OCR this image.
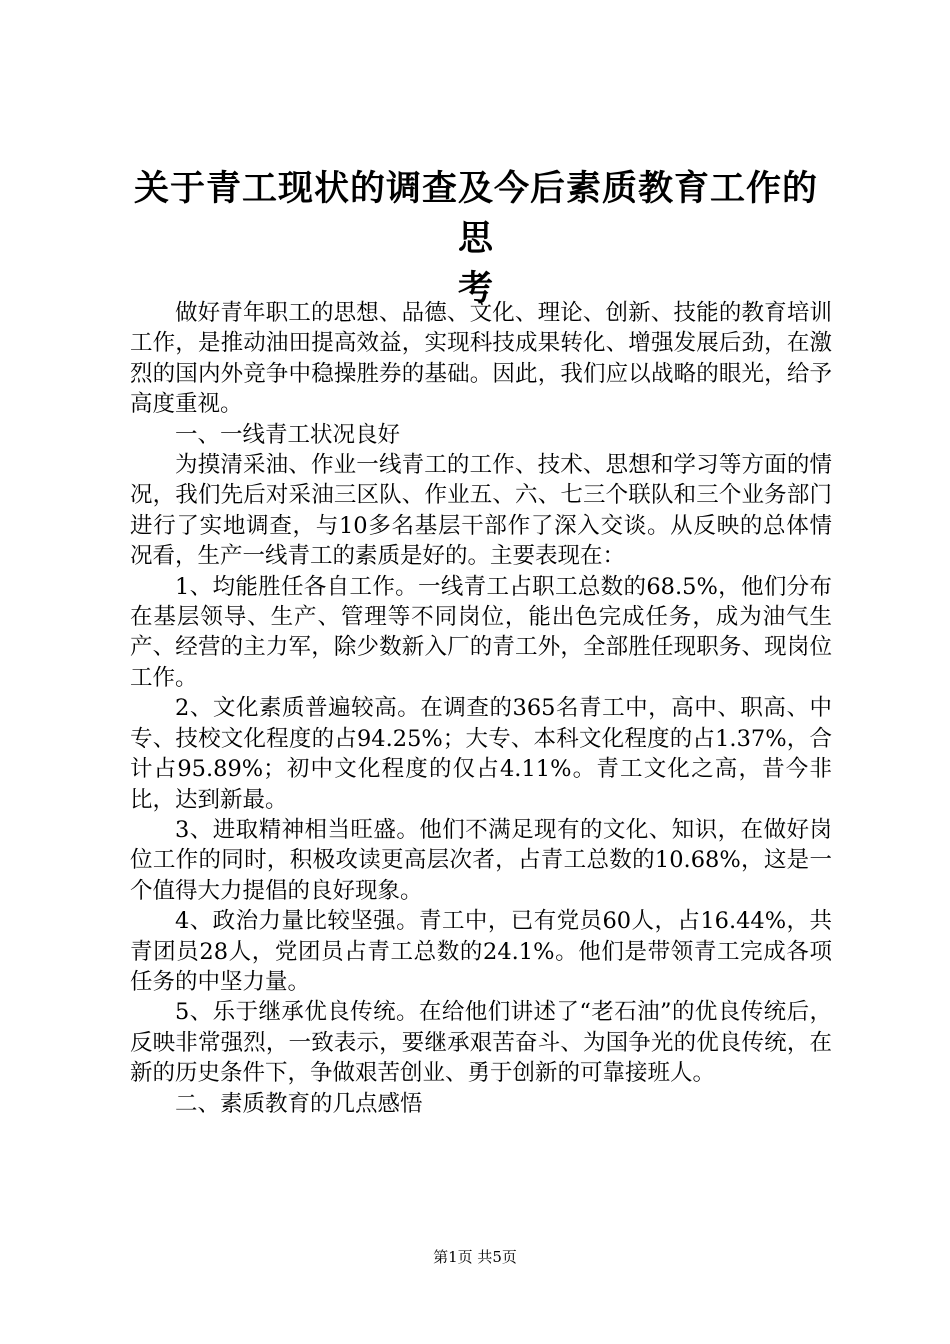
关于青工现状的调查及今后素质教育工作的思
考

做好青年职工的思想、品德、文化、理论、创新、技能的教育培训工作，是推动油田提高效益，实现科技成果转化、增强发展后劲，在激烈的国内外竞争中稳操胜券的基础。因此，我们应以战略的眼光，给予高度重视。

一、一线青工状况良好

为摸清采油、作业一线青工的工作、技术、思想和学习等方面的情况，我们先后对采油三区队、作业五、六、七三个联队和三个业务部门进行了实地调查，与10多名基层干部作了深入交谈。从反映的总体情况看，生产一线青工的素质是好的。主要表现在：

1、均能胜任各自工作。一线青工占职工总数的68.5%，他们分布在基层领导、生产、管理等不同岗位，能出色完成任务，成为油气生产、经营的主力军，除少数新入厂的青工外，全部胜任现职务、现岗位工作。

2、文化素质普遍较高。在调查的365名青工中，高中、职高、中专、技校文化程度的占94.25%；大专、本科文化程度的占1.37%，合计占95.89%；初中文化程度的仅占4.11%。青工文化之高，昔今非比，达到新最。

3、进取精神相当旺盛。他们不满足现有的文化、知识，在做好岗位工作的同时，积极攻读更高层次者，占青工总数的10.68%，这是一个值得大力提倡的良好现象。

4、政治力量比较坚强。青工中，已有党员60人，占16.44%，共青团员28人，党团员占青工总数的24.1%。他们是带领青工完成各项任务的中坚力量。

5、乐于继承优良传统。在给他们讲述了“老石油”的优良传统后，反映非常强烈，一致表示，要继承艰苦奋斗、为国争光的优良传统，在新的历史条件下，争做艰苦创业、勇于创新的可靠接班人。

二、素质教育的几点感悟

第1页 共5页
